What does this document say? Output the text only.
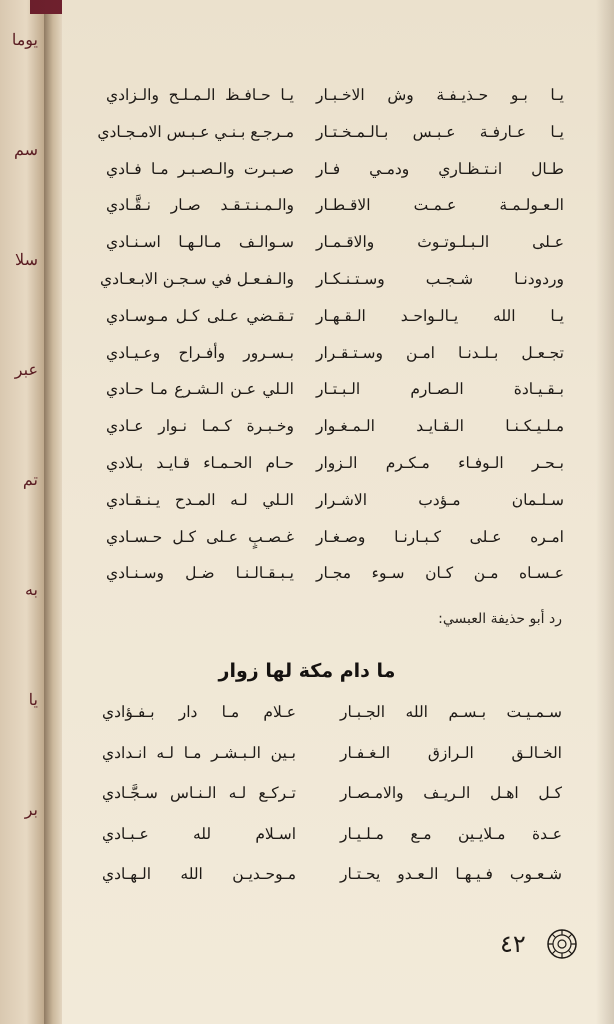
يوما
سم
سلا
عبر
تم
به
يا
بر
يـا بـو حـذيـفـة وش الاخـبـار
يـا حـافـظ الـمـلـح والـزادي
يـا عـارفـة عـبـس بـالـمـخـتـار
مـرجـع بـنـي عـبـس الامـجـادي
طـال انـتـظـاري ودمـي فـار
صـبـرت والـصـبـر مـا فـادي
الـعـولـمـة عـمـت الاقـطـار
والـمـنـتـقـد صـار نـقَّـادي
عـلى الـبـلـوتـوث والاقـمـار
سـوالـف مـالـهـا اسـنـادي
وردودنـا شـجـب وسـتـنـكـار
والـفـعـل في سـجـن الابـعـادي
يـا الله يـالـواحـد الـقـهـار
تـقـضي عـلى كـل مـوسـادي
تجـعـل بـلـدنـا امـن وسـتـقـرار
بـسـرور وأفـراح وعـيـادي
بـقـيـادة الـصـارم الـبـتـار
الـلي عـن الـشـرع مـا حـادي
مـلـيـكـنـا الـقـايـد الـمـغـوار
وخـبـرة كـمـا نـوار عـادي
بـحـر الـوفـاء مـكـرم الـزوار
حـام الحـمـاء قـايـد بـلادي
سـلـمان مـؤدب الاشـرار
الـلي لـه المـدح يـنـقـادي
امـره عـلى كـبـارنـا وصـغـار
غـصـبٍ عـلى كـل حـسـادي
عـسـاه مـن كـان سـوء مجـار
يـبـقـالـنـا ضـل وسـنـادي
رد أبو حذيفة العبسي:
ما دام مكة لها زوار
سـمـيـت بـسـم الله الجـبـار
عـلام مـا دار بـفـؤادي
الخـالـق الـرازق الـغـفـار
بـين الـبـشـر مـا لـه انـدادي
كـل اهـل الـريـف والامـصـار
تـركـع لـه الـنـاس سـجَّـادي
عـدة مـلايـين مـع مـلـيـار
اسـلام لله عـبـادي
شـعـوب فـيـهـا الـعـدو يحـتـار
مـوحـديـن الله الـهـادي
٤٢
